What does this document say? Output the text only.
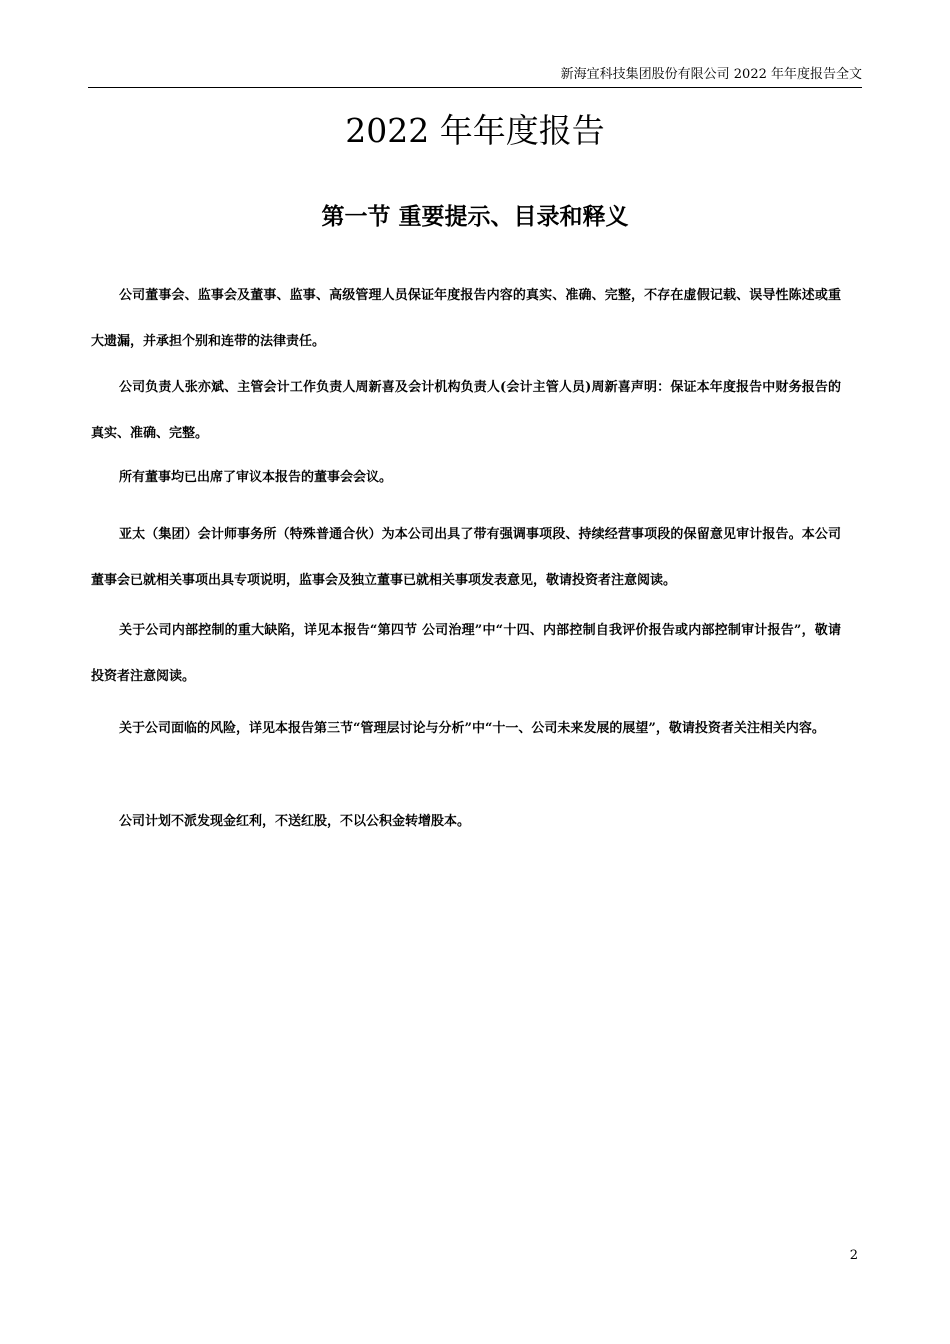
新海宜科技集团股份有限公司 2022 年年度报告全文
2022 年年度报告
第一节 重要提示、目录和释义

公司董事会、监事会及董事、监事、高级管理人员保证年度报告内容的真实、准确、完整，不存在虚假记载、误导性陈述或重大遗漏，并承担个别和连带的法律责任。

公司负责人张亦斌、主管会计工作负责人周新喜及会计机构负责人(会计主管人员)周新喜声明：保证本年度报告中财务报告的真实、准确、完整。

所有董事均已出席了审议本报告的董事会会议。

亚太（集团）会计师事务所（特殊普通合伙）为本公司出具了带有强调事项段、持续经营事项段的保留意见审计报告。本公司董事会已就相关事项出具专项说明，监事会及独立董事已就相关事项发表意见，敬请投资者注意阅读。

关于公司内部控制的重大缺陷，详见本报告“第四节 公司治理”中“十四、内部控制自我评价报告或内部控制审计报告”，敬请投资者注意阅读。

关于公司面临的风险，详见本报告第三节“管理层讨论与分析”中“十一、公司未来发展的展望”，敬请投资者关注相关内容。

公司计划不派发现金红利，不送红股，不以公积金转增股本。

2
